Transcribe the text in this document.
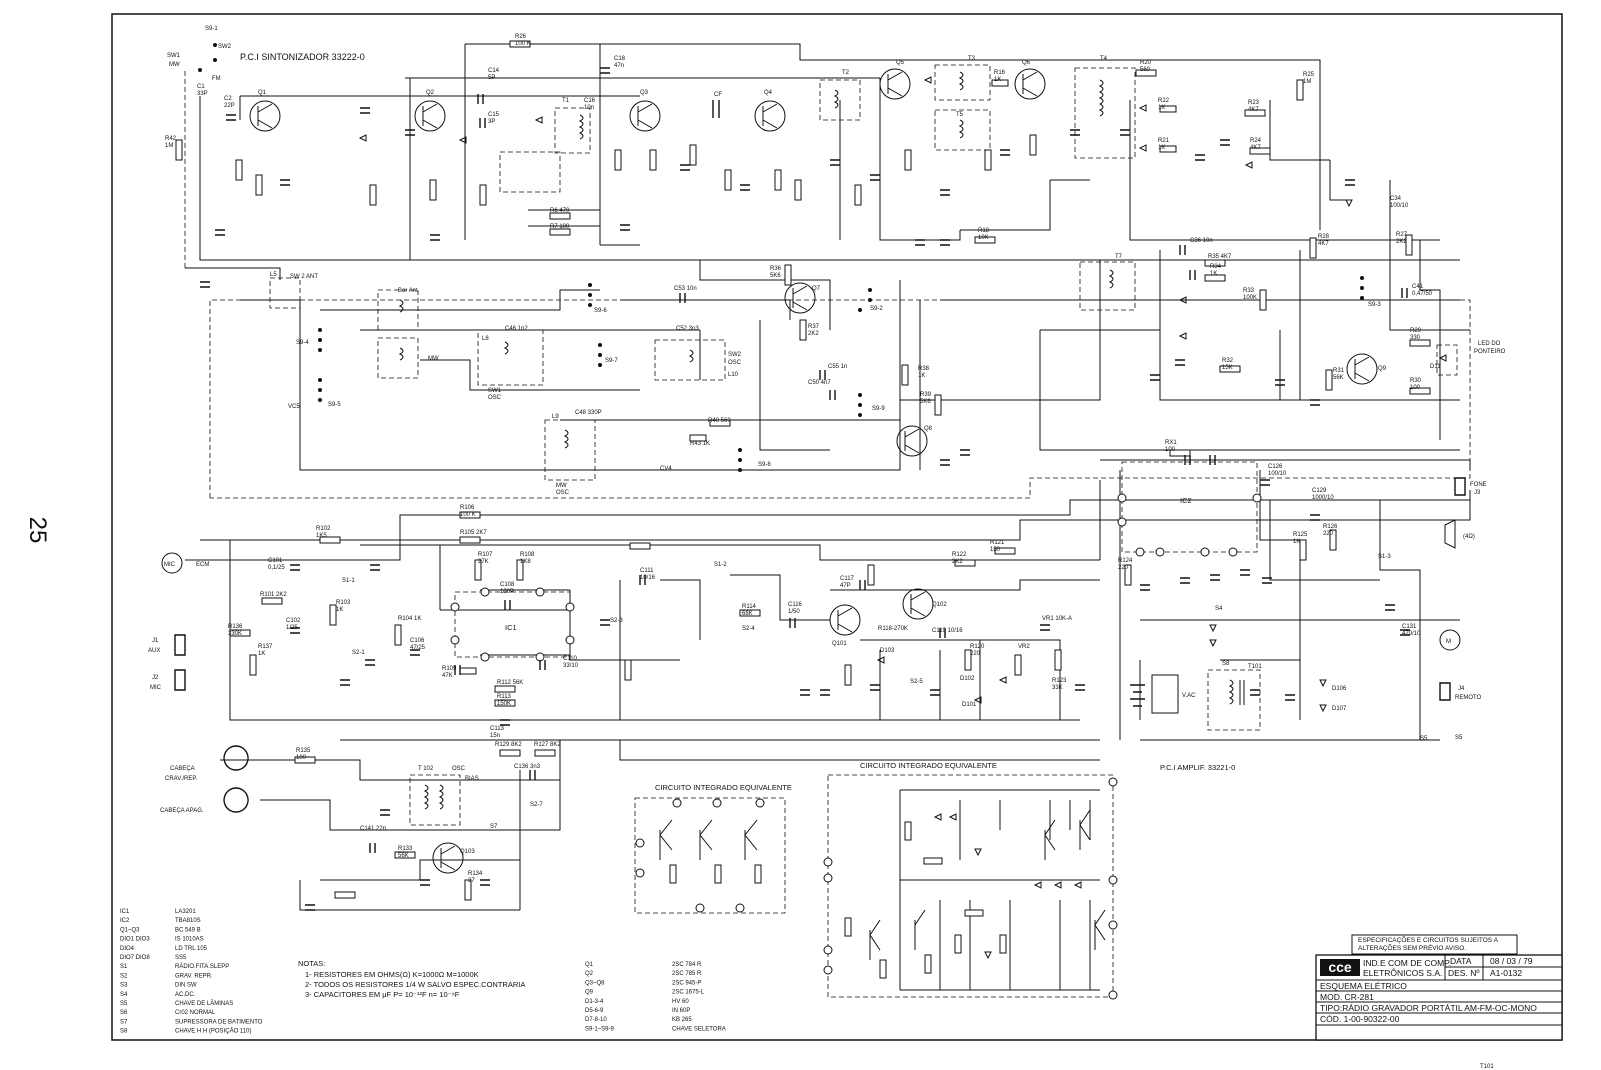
25
P.C.I SINTONIZADOR 33222-0
IC1
IC2
V.AC
T101
MIC	ECM
J1
AUX
J2
MIC
CABEÇA
CRAV./REP.
CABEÇA APAG.
FONE
J3
(4Ω)
M
J4
REMOTO
S5
LED DO
PONTEIRO
T 102	OSC
BIAS
CIRCUITO INTEGRADO EQUIVALENTE
CIRCUITO INTEGRADO EQUIVALENTE	P.C.I AMPLIF. 33221-0
IC1	LA3201
IC2	TBA810S
Q1~Q3	BC 549 B
DIO1 DIO3	IS 1010AS
DIO4	LD TRL 105
DIO7 DIO8	SS5
S1	RÁDIO.FITA.SLEPP
S2	GRAV. REPR.
S3	DIN SW
S4	AC.DC.
S5	CHAVE DE LÂMINAS
S6	Cr02 NORMAL
S7	SUPRESSORA DE BATIMENTO
S8	CHAVE H H (POSIÇÃO 110)
NOTAS:
1- RESISTORES EM OHMS(Ω) K=1000Ω M=1000K
2- TODOS OS RESISTORES 1/4 W SALVO ESPEC.CONTRARIA
3- CAPACITORES EM μF P= 10⁻¹²F n= 10⁻⁹F
Q1	2SC 784 R
Q2	2SC 785 R
Q3~Q8	2SC 945-P
Q9	2SC 1675-L
D1-3-4	HV 60
D5-6-9	IN 60P
D7-8-10	KB 265
S9-1~S9-9	CHAVE SELETORA
ESPECIFICAÇÕES E CIRCUITOS SUJEITOS A
ALTERAÇÕES SEM PRÉVIO AVISO.
cce IND.E COM DE COMP.
ELETRÔNICOS S.A.
DATA 08 / 03 / 79
DES. Nº A1-0132
ESQUEMA ELÉTRICO
MOD. CR-281
TIPO:RÁDIO GRAVADOR PORTÁTIL AM-FM-OC-MONO
CÓD. 1-00-90322-00
Q1	Q2	Q3	Q4
Q5	Q6
Q7
Q8
Q9
Q101
Q102
Q103
T1
T2
T3	T4
T5
T7
T101
CF
R26 100 K
R20 560
R16 1K
R22 1K
R23 4K7
R24 4K7
R21 1K
R25 1M
R42 1M
R6 470
R7 100
R18 10K	R28 4K7
R27 2K2
R29 330
R30 100
R32 15K
R34 1K
R35 4K7
R33 100K
R36 5K6
R37 2K2
R38 1K
R39 5K6
R40 560
R43 1K
R31 56K
R102 1K5
R106 100 K
R105 2K7
R103 1K
R107 27K
R108 1K8
R101 2K2
R136 330K
R137 1K
R104 1K
R109 47K
R112 56K
R113 150K
R114 68K
R121 150
R122 2K2
R123 33K
R124 220
R125 1K
R126 220
R135 100
R133 56K
R134 27
R129 8K2 R127 8K2
R118-270K
RX1 100
R120 220
C1 33P
C2 22P
C14 5P
C15 3P
C16 10n
C18 47n
C53 10n
C55 1n
C50 4n7
C48 330P
C46 1n2	C52 3n3
C36 10n
C41 0,47/50
C34 100/10
C129 1000/10
C126 100/10
C131 470/10
C108 100P
C111 10/16
C116 1/50
C117 47P
C119 10/16
C113 15n
C136 3n3
C141 22n
C110 33/10
C106 47/25
C101 0,1/25
C102 1/25
L5
L8
L9
L10
D11
VR1 10K-A
VR2
VC5
CV4
S9-2
S9-3
S9-4
S9-5
S9-6
S9-7
S9-8
S9-9
S9-1
S1-1
S1-2
S1-3
S2-1
S2-3
S2-4
S2-5
S2-7
S4
S5
S7
S8
D101
D102
D103
D106
D107
SW1
MW
SW2
FM
SW 2 ANT
Bor Ant
MW
SW1
OSC
SW2
OSC
MW
OSC
